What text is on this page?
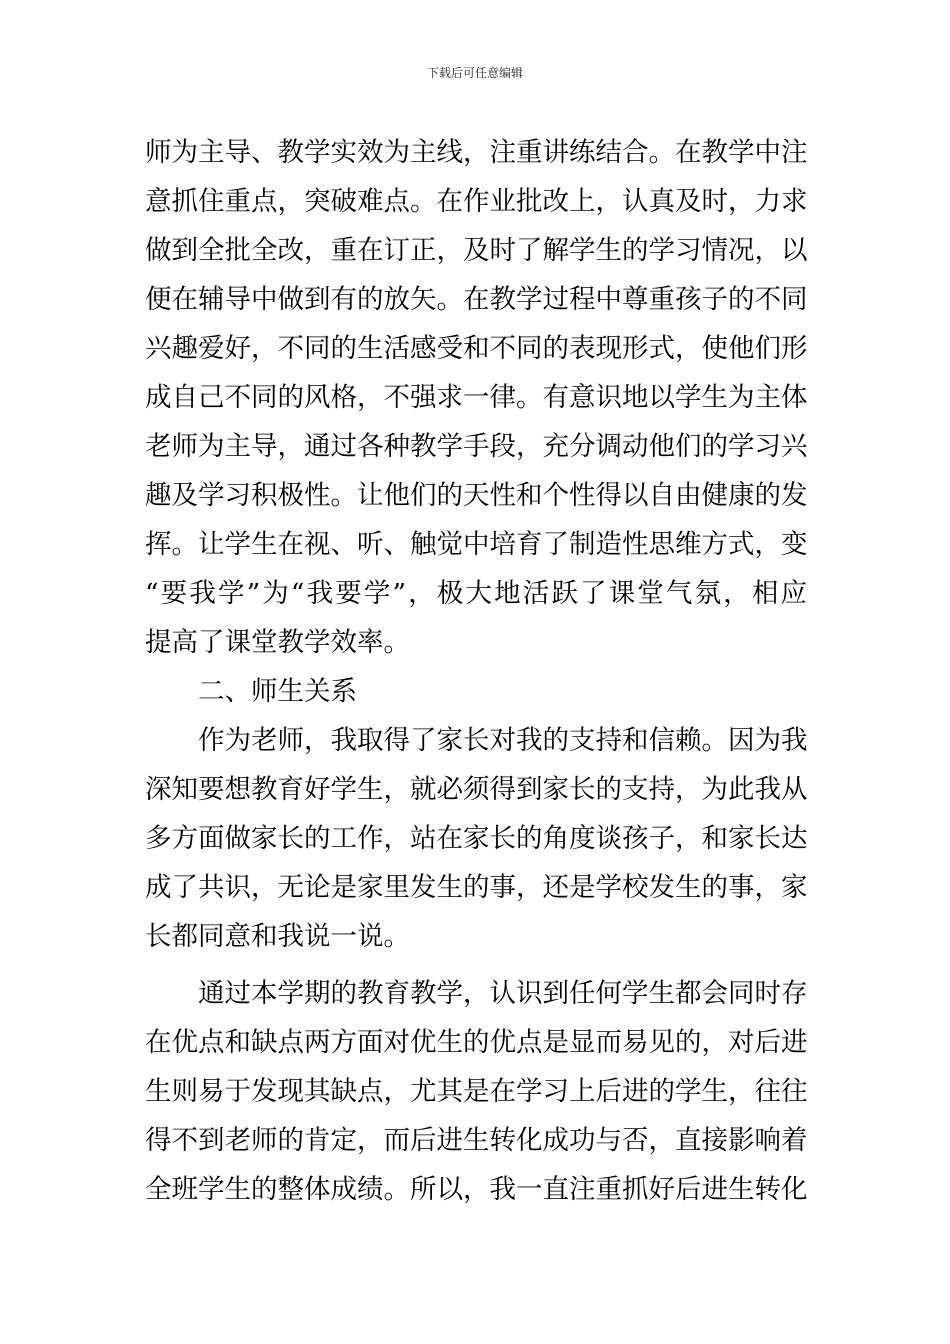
下载后可任意编辑
师为主导、教学实效为主线，注重讲练结合。在教学中注
意抓住重点，突破难点。在作业批改上，认真及时，力求
做到全批全改，重在订正，及时了解学生的学习情况，以
便在辅导中做到有的放矢。在教学过程中尊重孩子的不同
兴趣爱好，不同的生活感受和不同的表现形式，使他们形
成自己不同的风格，不强求一律。有意识地以学生为主体
老师为主导，通过各种教学手段，充分调动他们的学习兴
趣及学习积极性。让他们的天性和个性得以自由健康的发
挥。让学生在视、听、触觉中培育了制造性思维方式，变
“要我学”为“我要学”，极大地活跃了课堂气氛，相应
提高了课堂教学效率。
二、师生关系
作为老师，我取得了家长对我的支持和信赖。因为我
深知要想教育好学生，就必须得到家长的支持，为此我从
多方面做家长的工作，站在家长的角度谈孩子，和家长达
成了共识，无论是家里发生的事，还是学校发生的事，家
长都同意和我说一说。
通过本学期的教育教学，认识到任何学生都会同时存
在优点和缺点两方面对优生的优点是显而易见的，对后进
生则易于发现其缺点，尤其是在学习上后进的学生，往往
得不到老师的肯定，而后进生转化成功与否，直接影响着
全班学生的整体成绩。所以，我一直注重抓好后进生转化
